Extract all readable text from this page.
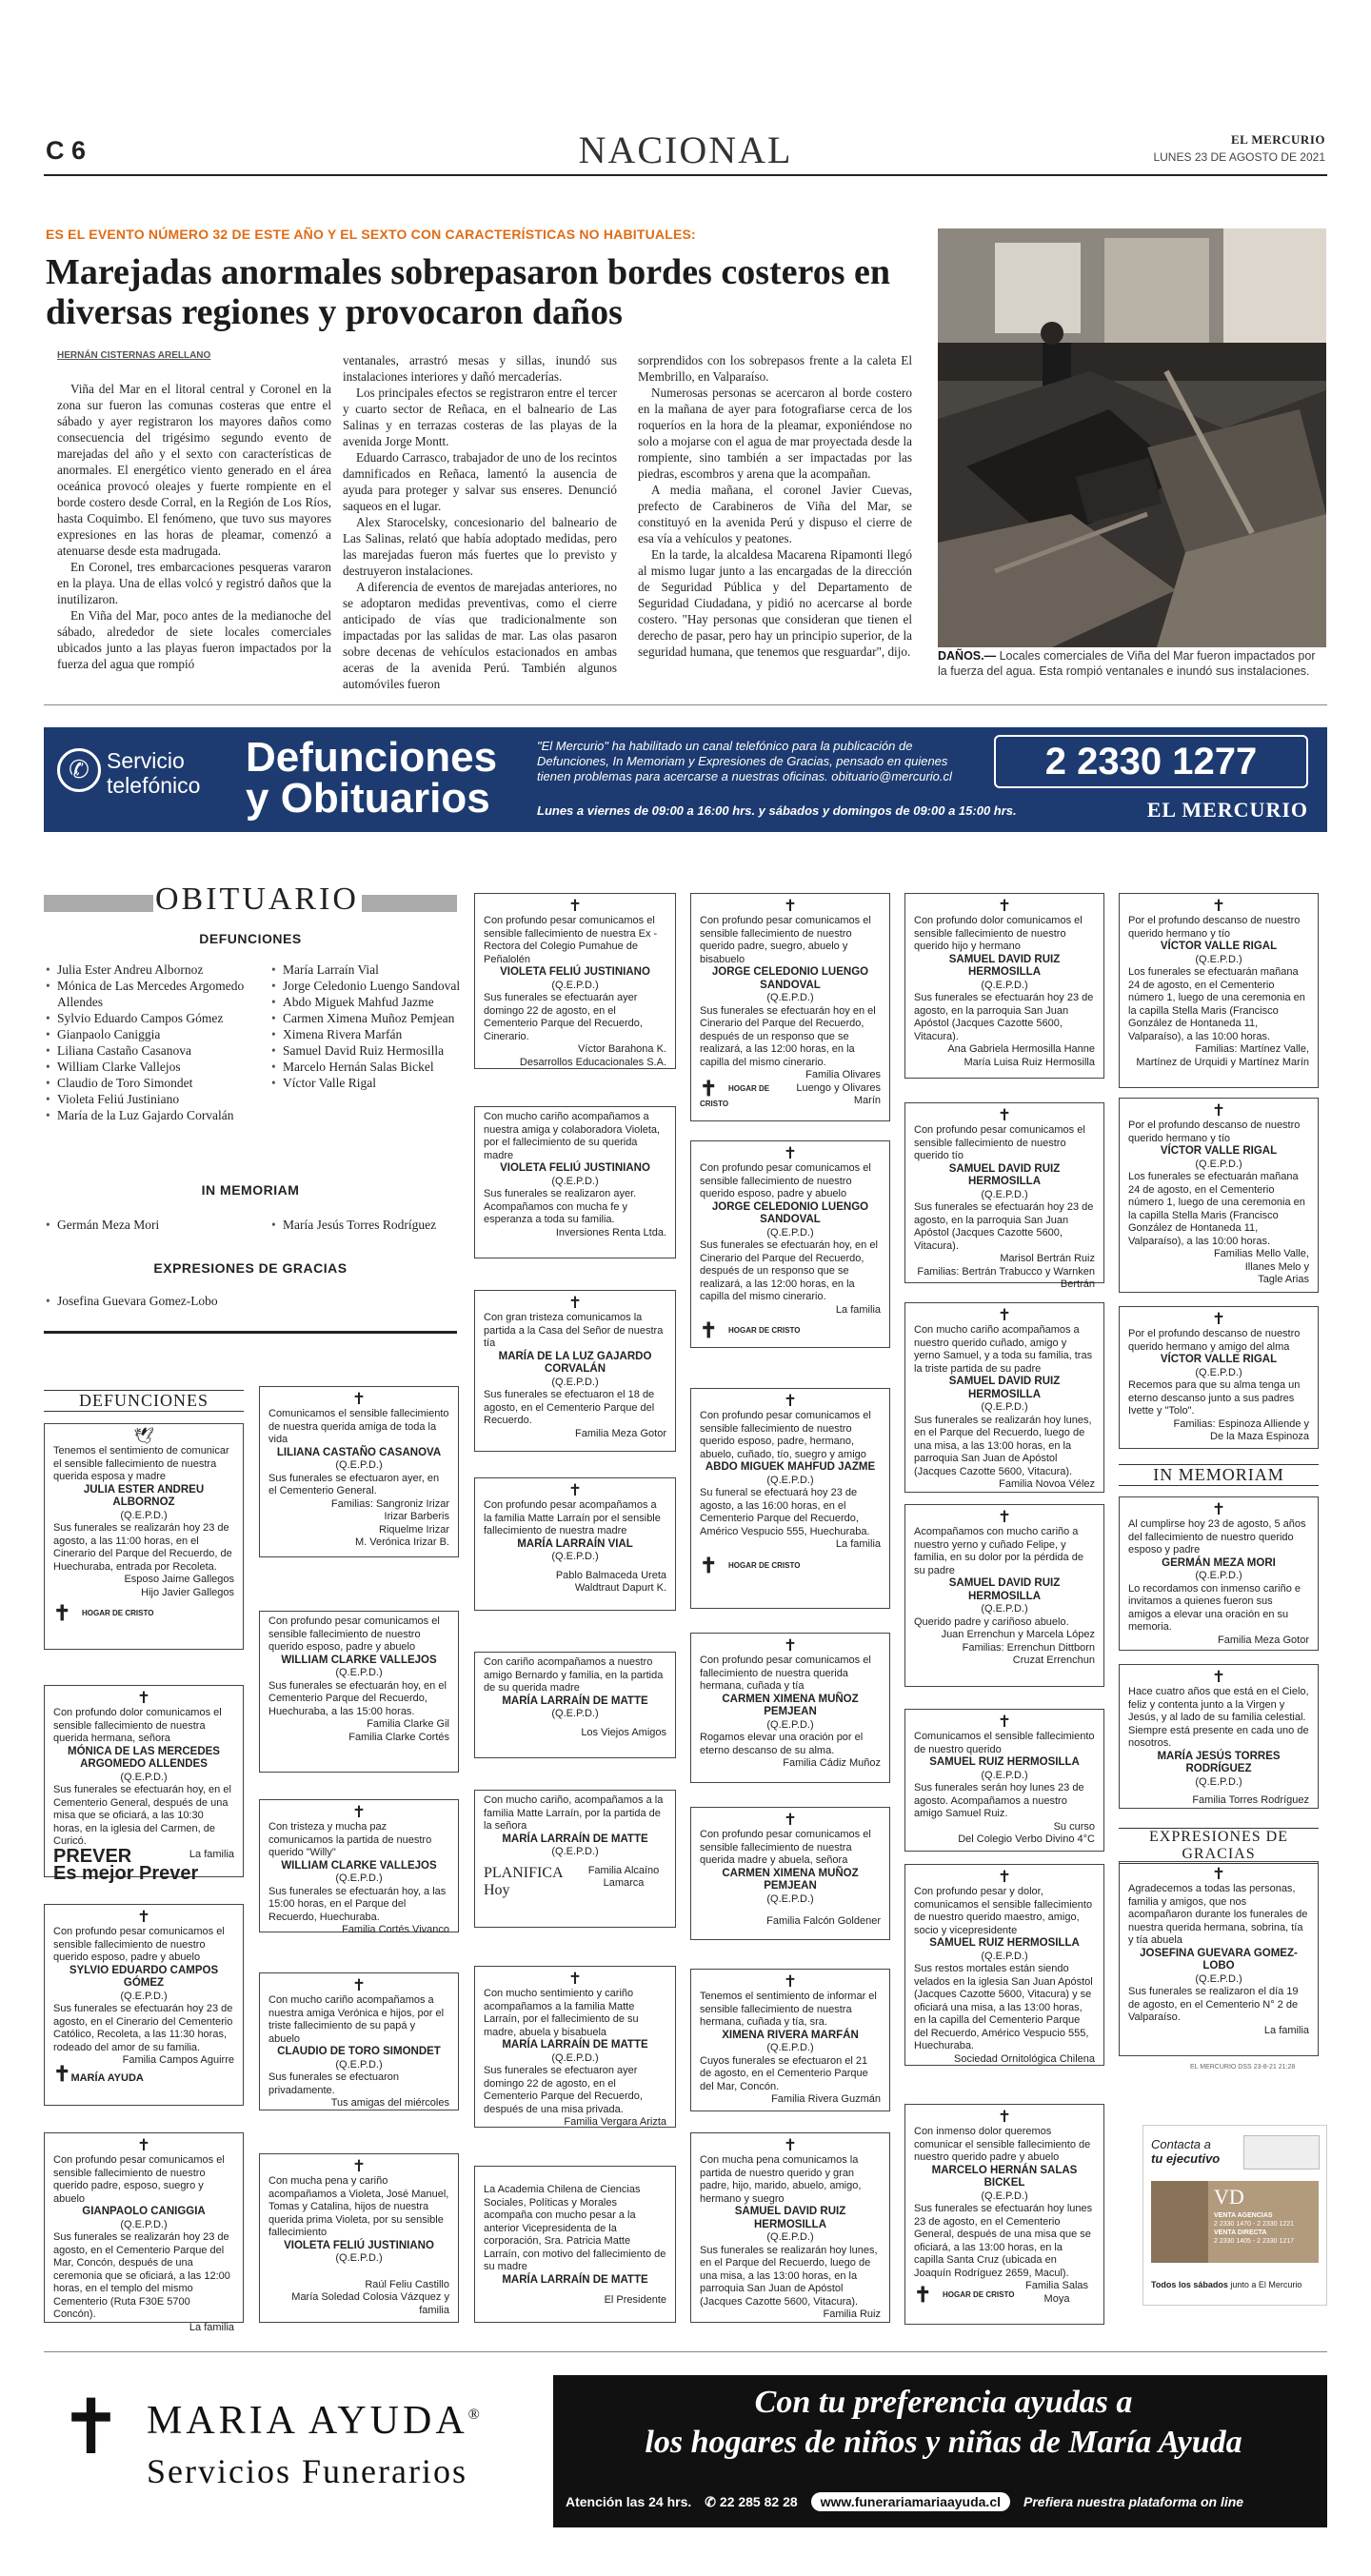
C 6	NACIONAL	EL MERCURIO
LUNES 23 DE AGOSTO DE 2021
ES EL EVENTO NÚMERO 32 DE ESTE AÑO Y EL SEXTO CON CARACTERÍSTICAS NO HABITUALES:
Marejadas anormales sobrepasaron bordes costeros en diversas regiones y provocaron daños
HERNÁN CISTERNAS ARELLANO

Viña del Mar en el litoral central y Coronel en la zona sur fueron las comunas costeras que entre el sábado y ayer registraron los mayores daños como consecuencia del trigésimo segundo evento de marejadas del año y el sexto con características de anormales. El energético viento generado en el área oceánica provocó oleajes y fuerte rompiente en el borde costero desde Corral, en la Región de Los Ríos, hasta Coquimbo. El fenómeno, que tuvo sus mayores expresiones en las horas de pleamar, comenzó a atenuarse desde esta madrugada.

En Coronel, tres embarcaciones pesqueras vararon en la playa. Una de ellas volcó y registró daños que la inutilizaron.

En Viña del Mar, poco antes de la medianoche del sábado, alrededor de siete locales comerciales ubicados junto a las playas fueron impactados por la fuerza del agua que rompió

ventanales, arrastró mesas y sillas, inundó sus instalaciones interiores y dañó mercaderías.

Los principales efectos se registraron entre el tercer y cuarto sector de Reñaca, en el balneario de Las Salinas y en terrazas costeras de las playas de la avenida Jorge Montt.

Eduardo Carrasco, trabajador de uno de los recintos damnificados en Reñaca, lamentó la ausencia de ayuda para proteger y salvar sus enseres. Denunció saqueos en el lugar.

Alex Starocelsky, concesionario del balneario de Las Salinas, relató que había adoptado medidas, pero las marejadas fueron más fuertes que lo previsto y destruyeron instalaciones.

A diferencia de eventos de marejadas anteriores, no se adoptaron medidas preventivas, como el cierre anticipado de vías que tradicionalmente son impactadas por las salidas de mar. Las olas pasaron sobre decenas de vehículos estacionados en ambas aceras de la avenida Perú. También algunos automóviles fueron

sorprendidos con los sobrepasos frente a la caleta El Membrillo, en Valparaíso.

Numerosas personas se acercaron al borde costero en la mañana de ayer para fotografiarse cerca de los roqueríos en la hora de la pleamar, exponiéndose no solo a mojarse con el agua de mar proyectada desde la rompiente, sino también a ser impactadas por las piedras, escombros y arena que la acompañan.

A media mañana, el coronel Javier Cuevas, prefecto de Carabineros de Viña del Mar, se constituyó en la avenida Perú y dispuso el cierre de esa vía a vehículos y peatones.

En la tarde, la alcaldesa Macarena Ripamonti llegó al mismo lugar junto a las encargadas de la dirección de Seguridad Pública y del Departamento de Seguridad Ciudadana, y pidió no acercarse al borde costero. "Hay personas que consideran que tienen el derecho de pasar, pero hay un principio superior, de la seguridad humana, que tenemos que resguardar", dijo.

AGENCIA UNO
DAÑOS.— Locales comerciales de Viña del Mar fueron impactados por la fuerza del agua. Esta rompió ventanales e inundó sus instalaciones.
✆ Servicio
telefónico
Defunciones
y Obituarios
"El Mercurio" ha habilitado un canal telefónico para la publicación de Defunciones, In Memoriam y Expresiones de Gracias, pensado en quienes tienen problemas para acercarse a nuestras oficinas. obituario@mercurio.cl
Lunes a viernes de 09:00 a 16:00 hrs. y sábados y domingos de 09:00 a 15:00 hrs.
2 2330 1277
EL MERCURIO
OBITUARIO
DEFUNCIONES
• Julia Ester Andreu Albornoz
• Mónica de Las Mercedes Argomedo Allendes
• Sylvio Eduardo Campos Gómez
• Gianpaolo Caniggia
• Liliana Castaño Casanova
• William Clarke Vallejos
• Claudio de Toro Simondet
• Violeta Feliú Justiniano
• María de la Luz Gajardo Corvalán
• María Larraín Vial
• Jorge Celedonio Luengo Sandoval
• Abdo Miguek Mahfud Jazme
• Carmen Ximena Muñoz Pemjean
• Ximena Rivera Marfán
• Samuel David Ruiz Hermosilla
• Marcelo Hernán Salas Bickel
• Víctor Valle Rigal
IN MEMORIAM
• Germán Meza Mori
•	María Jesús Torres Rodríguez
EXPRESIONES DE GRACIAS
• Josefina Guevara Gomez-Lobo
DEFUNCIONES
🕊
Tenemos el sentimiento de comunicar el sensible fallecimiento de nuestra querida esposa y madre
JULIA ESTER ANDREU ALBORNOZ
(Q.E.P.D.)
Sus funerales se realizarán hoy 23 de agosto, a las 11:00 horas, en el Cinerario del Parque del Recuerdo, de Huechuraba, entrada por Recoleta.
Esposo Jaime Gallegos
Hijo Javier Gallegos
✝ HOGAR DE CRISTO
✝
Con profundo dolor comunicamos el sensible fallecimiento de nuestra querida hermana, señora
MÓNICA DE LAS MERCEDES ARGOMEDO ALLENDES
(Q.E.P.D.)
Sus funerales se efectuarán hoy, en el Cementerio General, después de una misa que se oficiará, a las 10:30 horas, en la iglesia del Carmen, de Curicó.
La familia
PREVER
Es mejor Prever
✝
Con profundo pesar comunicamos el sensible fallecimiento de nuestro querido esposo, padre y abuelo
SYLVIO EDUARDO CAMPOS GÓMEZ
(Q.E.P.D.)
Sus funerales se efectuarán hoy 23 de agosto, en el Cinerario del Cementerio Católico, Recoleta, a las 11:30 horas, rodeado del amor de su familia.
Familia Campos Aguirre
✝MARÍA AYUDA
✝
Con profundo pesar comunicamos el sensible fallecimiento de nuestro querido padre, esposo, suegro y abuelo
GIANPAOLO CANIGGIA
(Q.E.P.D.)
Sus funerales se realizarán hoy 23 de agosto, en el Cementerio Parque del Mar, Concón, después de una ceremonia que se oficiará, a las 12:00 horas, en el templo del mismo Cementerio (Ruta F30E 5700 Concón).
La familia
✝
Comunicamos el sensible fallecimiento de nuestra querida amiga de toda la vida
LILIANA CASTAÑO CASANOVA
(Q.E.P.D.)
Sus funerales se efectuaron ayer, en el Cementerio General.
Familias: Sangroniz Irizar
Irizar Barberis
Riquelme Irizar
M. Verónica Irizar B.
Con profundo pesar comunicamos el sensible fallecimiento de nuestro querido esposo, padre y abuelo
WILLIAM CLARKE VALLEJOS
(Q.E.P.D.)
Sus funerales se efectuarán hoy, en el Cementerio Parque del Recuerdo, Huechuraba, a las 15:00 horas.
Familia Clarke Gil
Familia Clarke Cortés
✝
Con tristeza y mucha paz comunicamos la partida de nuestro querido "Willy"
WILLIAM CLARKE VALLEJOS
(Q.E.P.D.)
Sus funerales se efectuarán hoy, a las 15:00 horas, en el Parque del Recuerdo, Huechuraba.
Familia Cortés Vivanco
✝
Con mucho cariño acompañamos a nuestra amiga Verónica e hijos, por el triste fallecimiento de su papá y abuelo
CLAUDIO DE TORO SIMONDET
(Q.E.P.D.)
Sus funerales se efectuaron privadamente.
Tus amigas del miércoles
✝
Con mucha pena y cariño acompañamos a Violeta, José Manuel, Tomas y Catalina, hijos de nuestra querida prima Violeta, por su sensible fallecimiento
VIOLETA FELIÚ JUSTINIANO
(Q.E.P.D.)
Raúl Feliu Castillo
María Soledad Colosia Vázquez y familia
✝
Con profundo pesar comunicamos el sensible fallecimiento de nuestra Ex - Rectora del Colegio Pumahue de Peñalolén
VIOLETA FELIÚ JUSTINIANO
(Q.E.P.D.)
Sus funerales se efectuarán ayer domingo 22 de agosto, en el Cementerio Parque del Recuerdo, Cinerario.
Víctor Barahona K.
Desarrollos Educacionales S.A.
Con mucho cariño acompañamos a nuestra amiga y colaboradora Violeta, por el fallecimiento de su querida madre
VIOLETA FELIÚ JUSTINIANO
(Q.E.P.D.)
Sus funerales se realizaron ayer. Acompañamos con mucha fe y esperanza a toda su familia.
Inversiones Renta Ltda.
✝
Con gran tristeza comunicamos la partida a la Casa del Señor de nuestra tía
MARÍA DE LA LUZ GAJARDO CORVALÁN
(Q.E.P.D.)
Sus funerales se efectuaron el 18 de agosto, en el Cementerio Parque del Recuerdo.
Familia Meza Gotor
✝
Con profundo pesar acompañamos a la familia Matte Larraín por el sensible fallecimiento de nuestra madre
MARÍA LARRAÍN VIAL
(Q.E.P.D.)
Pablo Balmaceda Ureta
Waldtraut Dapurt K.
Con cariño acompañamos a nuestro amigo Bernardo y familia, en la partida de su querida madre
MARÍA LARRAÍN DE MATTE
(Q.E.P.D.)
Los Viejos Amigos
Con mucho cariño, acompañamos a la familia Matte Larraín, por la partida de la señora
MARÍA LARRAÍN DE MATTE
(Q.E.P.D.)
PLANIFICA
Hoy
Familia Alcaíno Lamarca
✝
Con mucho sentimiento y cariño acompañamos a la familia Matte Larraín, por el fallecimiento de su madre, abuela y bisabuela
MARÍA LARRAÍN DE MATTE
(Q.E.P.D.)
Sus funerales se efectuaron ayer domingo 22 de agosto, en el Cementerio Parque del Recuerdo, después de una misa privada.
Familia Vergara Arizta
La Academia Chilena de Ciencias Sociales, Políticas y Morales acompaña con mucho pesar a la anterior Vicepresidenta de la corporación, Sra. Patricia Matte Larraín, con motivo del fallecimiento de su madre
MARÍA LARRAÍN DE MATTE
El Presidente
✝
Con profundo pesar comunicamos el sensible fallecimiento de nuestro querido padre, suegro, abuelo y bisabuelo
JORGE CELEDONIO LUENGO SANDOVAL
(Q.E.P.D.)
Sus funerales se efectuarán hoy en el Cinerario del Parque del Recuerdo, después de un responso que se realizará, a las 12:00 horas, en la capilla del mismo cinerario.
✝ HOGAR DE CRISTO
Familia Olivares Luengo y Olivares Marín
✝
Con profundo pesar comunicamos el sensible fallecimiento de nuestro querido esposo, padre y abuelo
JORGE CELEDONIO LUENGO SANDOVAL
(Q.E.P.D.)
Sus funerales se efectuarán hoy, en el Cinerario del Parque del Recuerdo, después de un responso que se realizará, a las 12:00 horas, en la capilla del mismo cinerario.
La familia
✝ HOGAR DE CRISTO
✝
Con profundo pesar comunicamos el sensible fallecimiento de nuestro querido esposo, padre, hermano, abuelo, cuñado, tío, suegro y amigo
ABDO MIGUEK MAHFUD JAZME
(Q.E.P.D.)
Su funeral se efectuará hoy 23 de agosto, a las 16:00 horas, en el Cementerio Parque del Recuerdo, Américo Vespucio 555, Huechuraba.
La familia
✝ HOGAR DE CRISTO
✝
Con profundo pesar comunicamos el fallecimiento de nuestra querida hermana, cuñada y tía
CARMEN XIMENA MUÑOZ PEMJEAN
(Q.E.P.D.)
Rogamos elevar una oración por el eterno descanso de su alma.
Familia Cádiz Muñoz
✝
Con profundo pesar comunicamos el sensible fallecimiento de nuestra querida madre y abuela, señora
CARMEN XIMENA MUÑOZ PEMJEAN
(Q.E.P.D.)
Familia Falcón Goldener
✝
Tenemos el sentimiento de informar el sensible fallecimiento de nuestra hermana, cuñada y tía, sra.
XIMENA RIVERA MARFÁN
(Q.E.P.D.)
Cuyos funerales se efectuaron el 21 de agosto, en el Cementerio Parque del Mar, Concón.
Familia Rivera Guzmán
✝
Con mucha pena comunicamos la partida de nuestro querido y gran padre, hijo, marido, abuelo, amigo, hermano y suegro
SAMUEL DAVID RUIZ HERMOSILLA
(Q.E.P.D.)
Sus funerales se realizarán hoy lunes, en el Parque del Recuerdo, luego de una misa, a las 13:00 horas, en la parroquia San Juan de Apóstol (Jacques Cazotte 5600, Vitacura).
Familia Ruiz
✝
Con profundo dolor comunicamos el sensible fallecimiento de nuestro querido hijo y hermano
SAMUEL DAVID RUIZ HERMOSILLA
(Q.E.P.D.)
Sus funerales se efectuarán hoy 23 de agosto, en la parroquia San Juan Apóstol (Jacques Cazotte 5600, Vitacura).
Ana Gabriela Hermosilla Hanne
María Luisa Ruiz Hermosilla
✝
Con profundo pesar comunicamos el sensible fallecimiento de nuestro querido tío
SAMUEL DAVID RUIZ HERMOSILLA
(Q.E.P.D.)
Sus funerales se efectuarán hoy 23 de agosto, en la parroquia San Juan Apóstol (Jacques Cazotte 5600, Vitacura).
Marisol Bertrán Ruiz
Familias: Bertrán Trabucco y Warnken Bertrán
✝
Con mucho cariño acompañamos a nuestro querido cuñado, amigo y yerno Samuel, y a toda su familia, tras la triste partida de su padre
SAMUEL DAVID RUIZ HERMOSILLA
(Q.E.P.D.)
Sus funerales se realizarán hoy lunes, en el Parque del Recuerdo, luego de una misa, a las 13:00 horas, en la parroquia San Juan de Apóstol (Jacques Cazotte 5600, Vitacura).
Familia Novoa Vélez
✝
Acompañamos con mucho cariño a nuestro yerno y cuñado Felipe, y familia, en su dolor por la pérdida de su padre
SAMUEL DAVID RUIZ HERMOSILLA
(Q.E.P.D.)
Querido padre y cariñoso abuelo.
Juan Errenchun y Marcela López
Familias: Errenchun Dittborn
Cruzat Errenchun
✝
Comunicamos el sensible fallecimiento de nuestro querido
SAMUEL RUIZ HERMOSILLA
(Q.E.P.D.)
Sus funerales serán hoy lunes 23 de agosto. Acompañamos a nuestro amigo Samuel Ruiz.
Su curso
Del Colegio Verbo Divino 4°C
✝
Con profundo pesar y dolor, comunicamos el sensible fallecimiento de nuestro querido maestro, amigo, socio y vicepresidente
SAMUEL RUIZ HERMOSILLA
(Q.E.P.D.)
Sus restos mortales están siendo velados en la iglesia San Juan Apóstol (Jacques Cazotte 5600, Vitacura) y se oficiará una misa, a las 13:00 horas, en la capilla del Cementerio Parque del Recuerdo, Américo Vespucio 555, Huechuraba.
Sociedad Ornitológica Chilena
✝
Con inmenso dolor queremos comunicar el sensible fallecimiento de nuestro querido padre y abuelo
MARCELO HERNÁN SALAS BICKEL
(Q.E.P.D.)
Sus funerales se efectuarán hoy lunes 23 de agosto, en el Cementerio General, después de una misa que se oficiará, a las 13:00 horas, en la capilla Santa Cruz (ubicada en Joaquín Rodríguez 2659, Macul).
✝ HOGAR DE CRISTO
Familia Salas Moya
✝
Por el profundo descanso de nuestro querido hermano y tío
VÍCTOR VALLE RIGAL
(Q.E.P.D.)
Los funerales se efectuarán mañana 24 de agosto, en el Cementerio número 1, luego de una ceremonia en la capilla Stella Maris (Francisco González de Hontaneda 11, Valparaíso), a las 10:00 horas.
Familias: Martínez Valle,
Martínez de Urquidi y Martínez Marín
✝
Por el profundo descanso de nuestro querido hermano y tío
VÍCTOR VALLE RIGAL
(Q.E.P.D.)
Los funerales se efectuarán mañana 24 de agosto, en el Cementerio número 1, luego de una ceremonia en la capilla Stella Maris (Francisco González de Hontaneda 11, Valparaíso), a las 10:00 horas.
Familias Mello Valle,
Illanes Melo y
Tagle Arias
✝
Por el profundo descanso de nuestro querido hermano y amigo del alma
VÍCTOR VALLE RIGAL
(Q.E.P.D.)
Recemos para que su alma tenga un eterno descanso junto a sus padres Ivette y "Tolo".
Familias: Espinoza Alliende y
De la Maza Espinoza
IN MEMORIAM
✝
Al cumplirse hoy 23 de agosto, 5 años del fallecimiento de nuestro querido esposo y padre
GERMÁN MEZA MORI
(Q.E.P.D.)
Lo recordamos con inmenso cariño e invitamos a quienes fueron sus amigos a elevar una oración en su memoria.
Familia Meza Gotor
✝
Hace cuatro años que está en el Cielo, feliz y contenta junto a la Virgen y Jesús, y al lado de su familia celestial. Siempre está presente en cada uno de nosotros.
MARÍA JESÚS TORRES RODRÍGUEZ
(Q.E.P.D.)
Familia Torres Rodríguez
EXPRESIONES DE GRACIAS
✝
Agradecemos a todas las personas, familia y amigos, que nos acompañaron durante los funerales de nuestra querida hermana, sobrina, tía y tía abuela
JOSEFINA GUEVARA GOMEZ-LOBO
(Q.E.P.D.)
Sus funerales se realizaron el día 19 de agosto, en el Cementerio N° 2 de Valparaíso.
La familia
EL MERCURIO DSS 23-8-21 21:28
Contacta a
tu ejecutivo
VD
VENTA AGENCIAS
2 2330 1470 - 2 2330 1221
VENTA DIRECTA
2 2330 1405 - 2 2330 1217
Todos los sábados junto a El Mercurio
✝ MARIA AYUDA®
Servicios Funerarios
Con tu preferencia ayudas a
los hogares de niños y niñas de María Ayuda
Atención las 24 hrs. ✆ 22 285 82 28	www.funerariamariaayuda.cl	Prefiera nuestra plataforma on line
